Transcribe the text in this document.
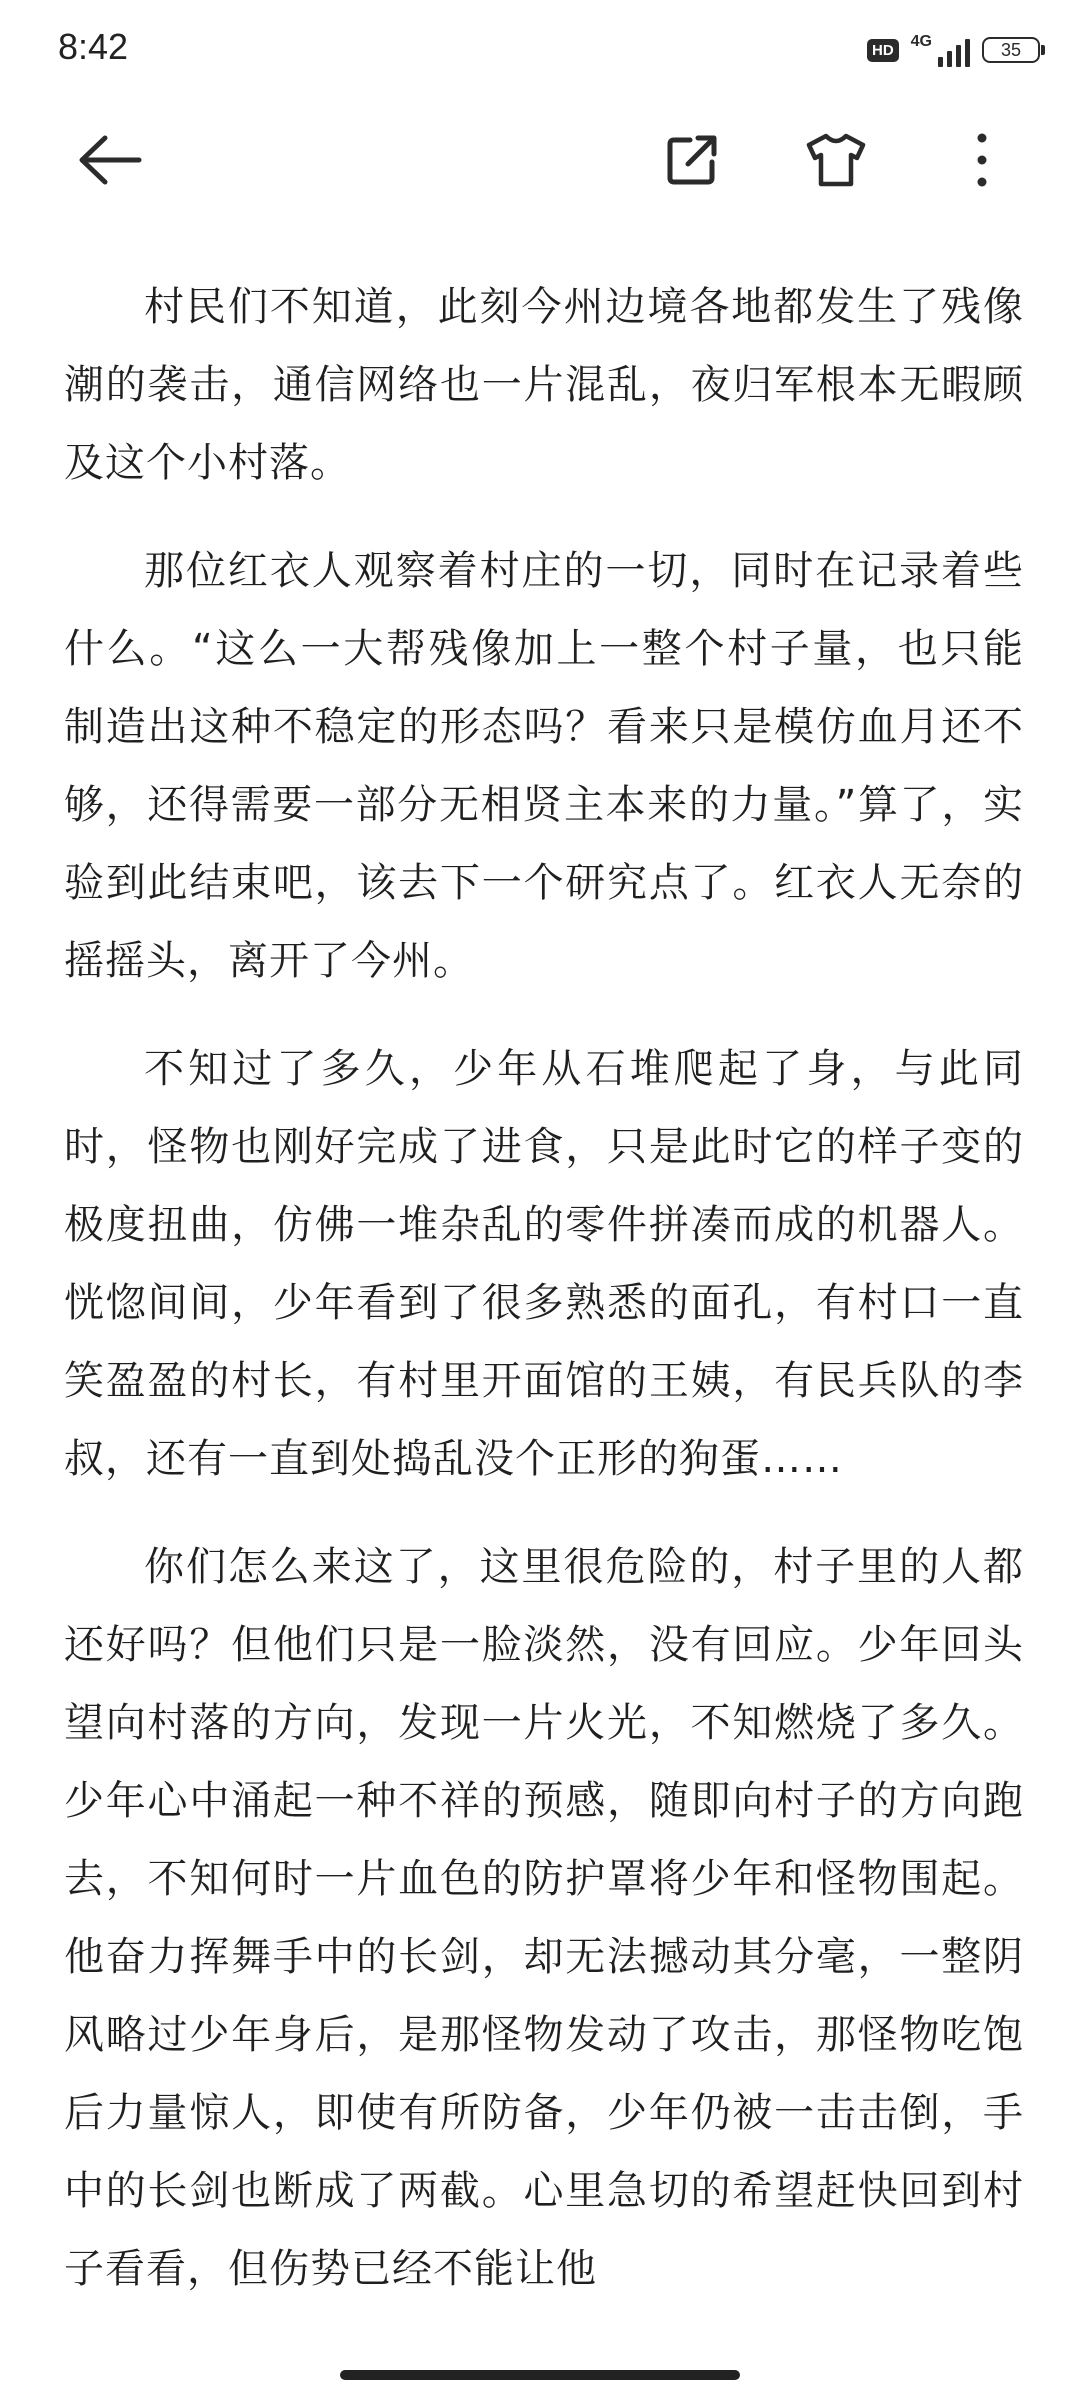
8:42	HD	4G	35

村民们不知道，此刻今州边境各地都发生了残像潮的袭击，通信网络也一片混乱，夜归军根本无暇顾及这个小村落。

那位红衣人观察着村庄的一切，同时在记录着些什么。“这么一大帮残像加上一整个村子量，也只能制造出这种不稳定的形态吗？看来只是模仿血月还不够，还得需要一部分无相贤主本来的力量。”算了，实验到此结束吧，该去下一个研究点了。红衣人无奈的摇摇头，离开了今州。

不知过了多久，少年从石堆爬起了身，与此同时，怪物也刚好完成了进食，只是此时它的样子变的极度扭曲，仿佛一堆杂乱的零件拼凑而成的机器人。恍惚间间，少年看到了很多熟悉的面孔，有村口一直笑盈盈的村长，有村里开面馆的王姨，有民兵队的李叔，还有一直到处捣乱没个正形的狗蛋……

你们怎么来这了，这里很危险的，村子里的人都还好吗？但他们只是一脸淡然，没有回应。少年回头望向村落的方向，发现一片火光，不知燃烧了多久。少年心中涌起一种不祥的预感，随即向村子的方向跑去，不知何时一片血色的防护罩将少年和怪物围起。他奋力挥舞手中的长剑，却无法撼动其分毫，一整阴风略过少年身后，是那怪物发动了攻击，那怪物吃饱后力量惊人，即使有所防备，少年仍被一击击倒，手中的长剑也断成了两截。心里急切的希望赶快回到村子看看，但伤势已经不能让他
